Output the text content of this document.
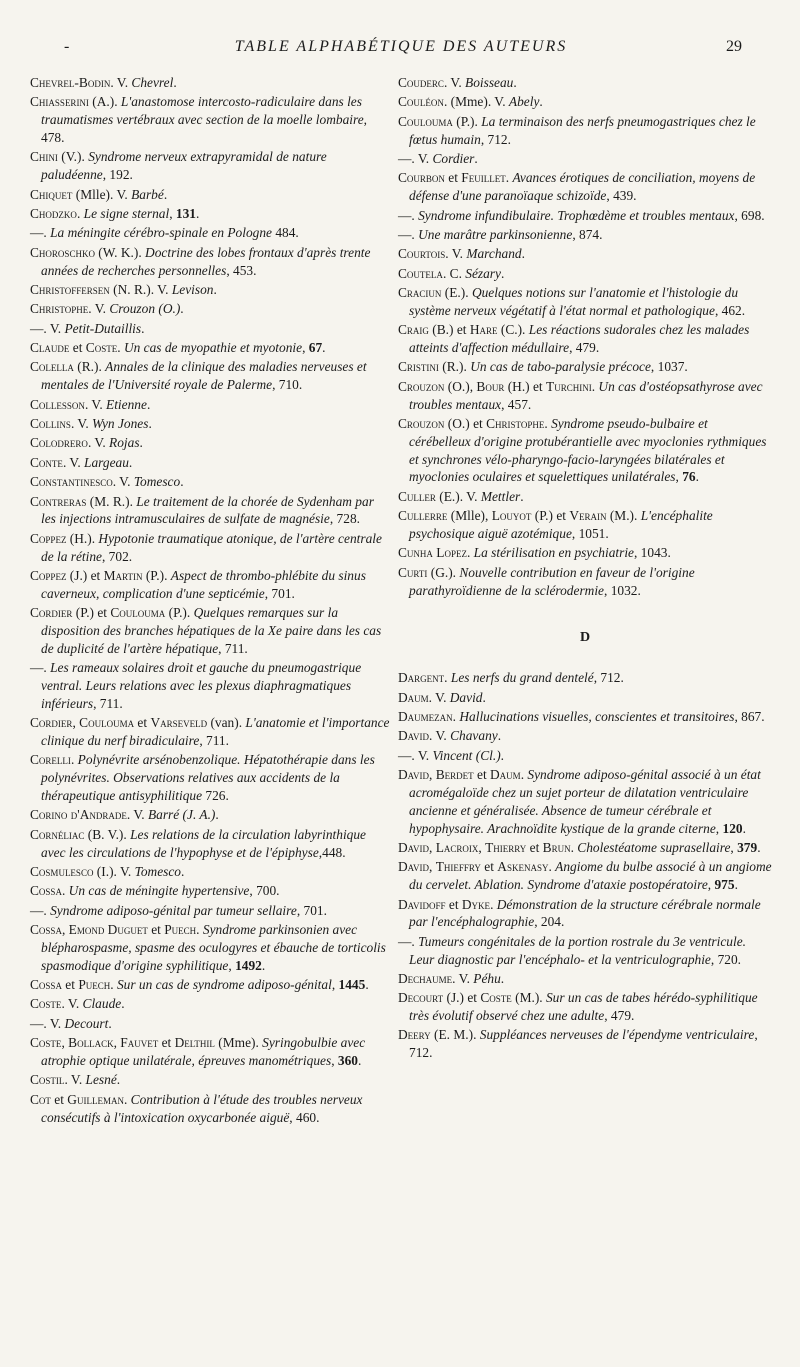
-	TABLE ALPHABÉTIQUE DES AUTEURS	29
Chevrel-Bodin. V. Chevrel.
Chiasserini (A.). L'anastomose intercosto-radiculaire dans les traumatismes vertébraux avec section de la moelle lombaire, 478.
Chini (V.). Syndrome nerveux extrapyramidal de nature paludéenne, 192.
Chiquet (Mlle). V. Barbé.
Chodzko. Le signe sternal, 131.
—. La méningite cérébro-spinale en Pologne 484.
Choroschko (W. K.). Doctrine des lobes frontaux d'après trente années de recherches personnelles, 453.
Christoffersen (N. R.). V. Levison.
Christophe. V. Crouzon (O.).
—. V. Petit-Dutaillis.
Claude et Coste. Un cas de myopathie et myotonie, 67.
Colella (R.). Annales de la clinique des maladies nerveuses et mentales de l'Université royale de Palerme, 710.
Collesson. V. Etienne.
Collins. V. Wyn Jones.
Colodrero. V. Rojas.
Conte. V. Largeau.
Constantinesco. V. Tomesco.
Contreras (M. R.). Le traitement de la chorée de Sydenham par les injections intramusculaires de sulfate de magnésie, 728.
Coppez (H.). Hypotonie traumatique atonique, de l'artère centrale de la rétine, 702.
Coppez (J.) et Martin (P.). Aspect de thrombo-phlébite du sinus caverneux, complication d'une septicémie, 701.
Cordier (P.) et Coulouma (P.). Quelques remarques sur la disposition des branches hépatiques de la Xe paire dans les cas de duplicité de l'artère hépatique, 711.
—. Les rameaux solaires droit et gauche du pneumogastrique ventral. Leurs relations avec les plexus diaphragmatiques inférieurs, 711.
Cordier, Coulouma et Varseveld (van). L'anatomie et l'importance clinique du nerf biradiculaire, 711.
Corelli. Polynévrite arsénobenzolique. Hépatothérapie dans les polynévrites. Observations relatives aux accidents de la thérapeutique antisyphilitique 726.
Corino d'Andrade. V. Barré (J. A.).
Cornéliac (B. V.). Les relations de la circulation labyrinthique avec les circulations de l'hypophyse et de l'épiphyse,448.
Cosmulesco (I.). V. Tomesco.
Cossa. Un cas de méningite hypertensive, 700.
—. Syndrome adiposo-génital par tumeur sellaire, 701.
Cossa, Emond Duguet et Puech. Syndrome parkinsonien avec blépharospasme, spasme des oculogyres et ébauche de torticolis spasmodique d'origine syphilitique, 1492.
Cossa et Puech. Sur un cas de syndrome adiposo-génital, 1445.
Coste. V. Claude.
—. V. Decourt.
Coste, Bollack, Fauvet et Delthil (Mme). Syringobulbie avec atrophie optique unilatérale, épreuves manométriques, 360.
Costil. V. Lesné.
Cot et Guilleman. Contribution à l'étude des troubles nerveux consécutifs à l'intoxication oxycarbonée aiguë, 460.
Couderc. V. Boisseau.
Couléon. (Mme). V. Abely.
Coulouma (P.). La terminaison des nerfs pneumogastriques chez le fœtus humain, 712.
—. V. Cordier.
Courbon et Feuillet. Avances érotiques de conciliation, moyens de défense d'une paranoïaque schizoïde, 439.
—. Syndrome infundibulaire. Trophœdème et troubles mentaux, 698.
—. Une marâtre parkinsonienne, 874.
Courtois. V. Marchand.
Coutela. C. Sézary.
Craciun (E.). Quelques notions sur l'anatomie et l'histologie du système nerveux végétatif à l'état normal et pathologique, 462.
Craig (B.) et Hare (C.). Les réactions sudorales chez les malades atteints d'affection médullaire, 479.
Cristini (R.). Un cas de tabo-paralysie précoce, 1037.
Crouzon (O.), Bour (H.) et Turchini. Un cas d'ostéopsathyrose avec troubles mentaux, 457.
Crouzon (O.) et Christophe. Syndrome pseudo-bulbaire et cérébelleux d'origine protubérantielle avec myoclonies rythmiques et synchrones vélo-pharyngo-facio-laryngées bilatérales et myoclonies oculaires et squelettiques unilatérales, 76.
Culler (E.). V. Mettler.
Cullerre (Mlle), Louyot (P.) et Verain (M.). L'encéphalite psychosique aiguë azotémique, 1051.
Cunha Lopez. La stérilisation en psychiatrie, 1043.
Curti (G.). Nouvelle contribution en faveur de l'origine parathyroïdienne de la sclérodermie, 1032.
D
Dargent. Les nerfs du grand dentelé, 712.
Daum. V. David.
Daumezan. Hallucinations visuelles, conscientes et transitoires, 867.
David. V. Chavany.
—. V. Vincent (Cl.).
David, Berdet et Daum. Syndrome adiposo-génital associé à un état acromégaloïde chez un sujet porteur de dilatation ventriculaire ancienne et généralisée. Absence de tumeur cérébrale et hypophysaire. Arachnoïdite kystique de la grande citerne, 120.
David, Lacroix, Thierry et Brun. Cholestéatome suprasellaire, 379.
David, Thieffry et Askenasy. Angiome du bulbe associé à un angiome du cervelet. Ablation. Syndrome d'ataxie postopératoire, 975.
Davidoff et Dyke. Démonstration de la structure cérébrale normale par l'encéphalographie, 204.
—. Tumeurs congénitales de la portion rostrale du 3e ventricule. Leur diagnostic par l'encéphalo- et la ventriculographie, 720.
Dechaume. V. Péhu.
Decourt (J.) et Coste (M.). Sur un cas de tabes hérédo-syphilitique très évolutif observé chez une adulte, 479.
Deery (E. M.). Suppléances nerveuses de l'épendyme ventriculaire, 712.
